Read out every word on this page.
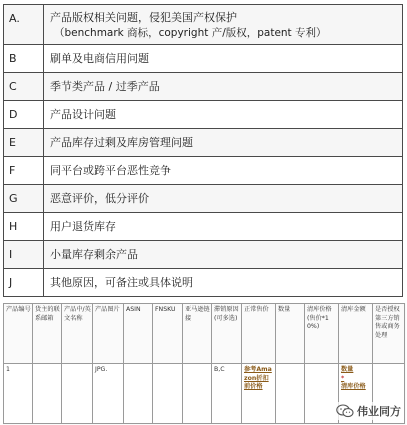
A.	产品版权相关问题，侵犯美国产权保护
（benchmark 商标，copyright 产/版权，patent 专利）
B	刷单及电商信用问题
C	季节类产品 / 过季产品
D	产品设计问题
E	产品库存过剩及库房管理问题
F	同平台或跨平台恶性竞争
G	恶意评价，低分评价
H	用户退货库存
I	小量库存剩余产品
J	其他原因，可备注或具体说明
产品编号	货主的联系邮箱	产品中/英文名称	产品图片	ASIN	FNSKU	亚马逊链接	滞销原因(可多选)	正常售价	数量	清库价格(售价*10%)	清库金额	是否授权第三方销售或商务处理
1			JPG.				B,C	参考Amazon折扣前价格			数量
*
清库价格	
伟业同方
